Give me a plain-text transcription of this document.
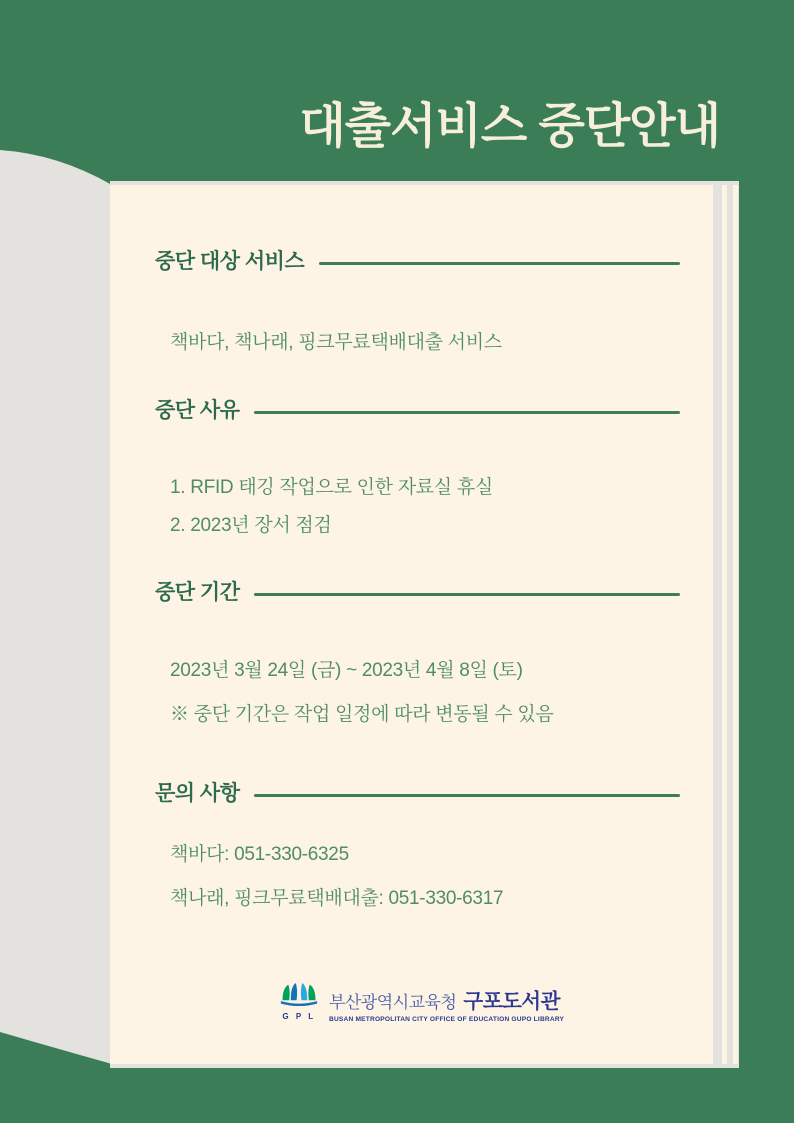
대출서비스 중단안내
중단 대상 서비스

책바다, 책나래, 핑크무료택배대출 서비스

중단 사유

1. RFID 태깅 작업으로 인한 자료실 휴실

2. 2023년 장서 점검

중단 기간

2023년 3월 24일 (금) ~ 2023년 4월 8일 (토)

※ 중단 기간은 작업 일정에 따라 변동될 수 있음

문의 사항

책바다: 051-330-6325

책나래, 핑크무료택배대출: 051-330-6317

G P L
부산광역시교육청 구포도서관
BUSAN METROPOLITAN CITY OFFICE OF EDUCATION GUPO LIBRARY
